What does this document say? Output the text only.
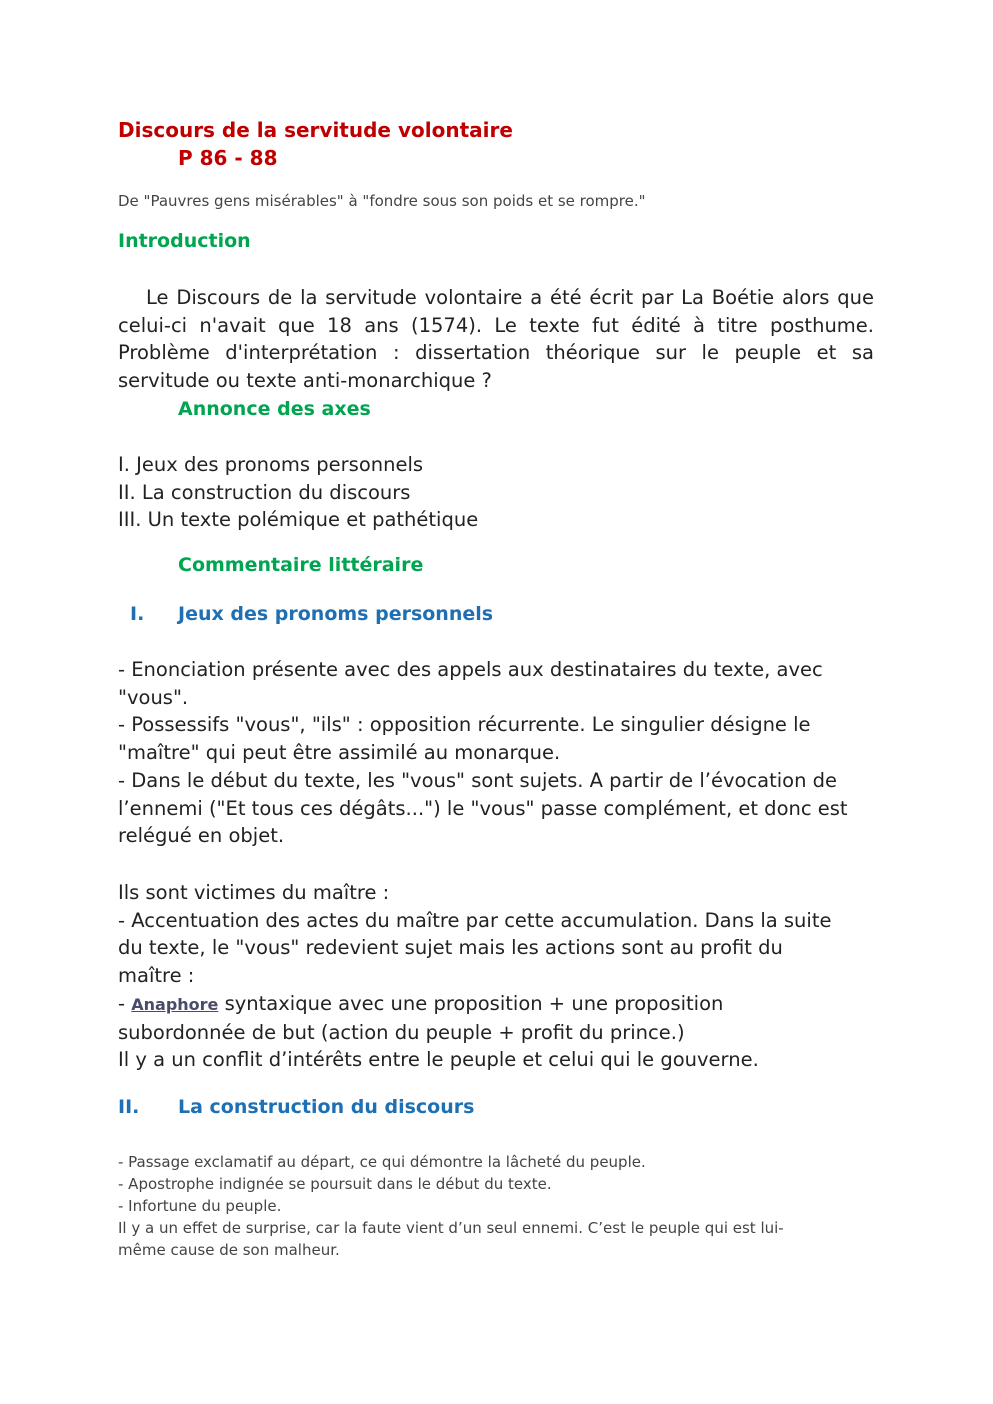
Discours de la servitude volontaire
P 86 - 88
De "Pauvres gens misérables" à "fondre sous son poids et se rompre."
Introduction
Le Discours de la servitude volontaire a été écrit par La Boétie alors que celui-ci n'avait que 18 ans (1574). Le texte fut édité à titre posthume. Problème d'interprétation : dissertation théorique sur le peuple et sa servitude ou texte anti-monarchique ?
Annonce des axes
I. Jeux des pronoms personnels
II. La construction du discours
III. Un texte polémique et pathétique
Commentaire littéraire
I. Jeux des pronoms personnels
- Enonciation présente avec des appels aux destinataires du texte, avec
"vous".
- Possessifs "vous", "ils" : opposition récurrente. Le singulier désigne le
"maître" qui peut être assimilé au monarque.
- Dans le début du texte, les "vous" sont sujets. A partir de l’évocation de
l’ennemi ("Et tous ces dégâts...") le "vous" passe complément, et donc est
relégué en objet.
Ils sont victimes du maître :
- Accentuation des actes du maître par cette accumulation. Dans la suite
du texte, le "vous" redevient sujet mais les actions sont au profit du
maître :
- Anaphore syntaxique avec une proposition + une proposition
subordonnée de but (action du peuple + profit du prince.)
Il y a un conflit d’intérêts entre le peuple et celui qui le gouverne.
II. La construction du discours
- Passage exclamatif au départ, ce qui démontre la lâcheté du peuple.
- Apostrophe indignée se poursuit dans le début du texte.
- Infortune du peuple.
Il y a un effet de surprise, car la faute vient d’un seul ennemi. C’est le peuple qui est lui-
même cause de son malheur.
